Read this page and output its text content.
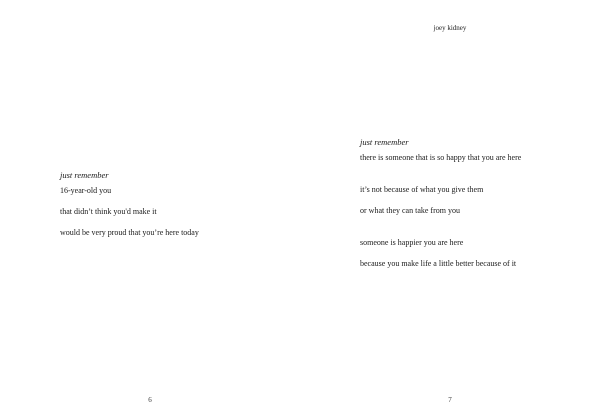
just remember
16-year-old you
that didn’t think you'd make it
would be very proud that you’re here today
6
joey kidney
just remember
there is someone that is so happy that you are here
it’s not because of what you give them
or what they can take from you
someone is happier you are here
because you make life a little better because of it
7
